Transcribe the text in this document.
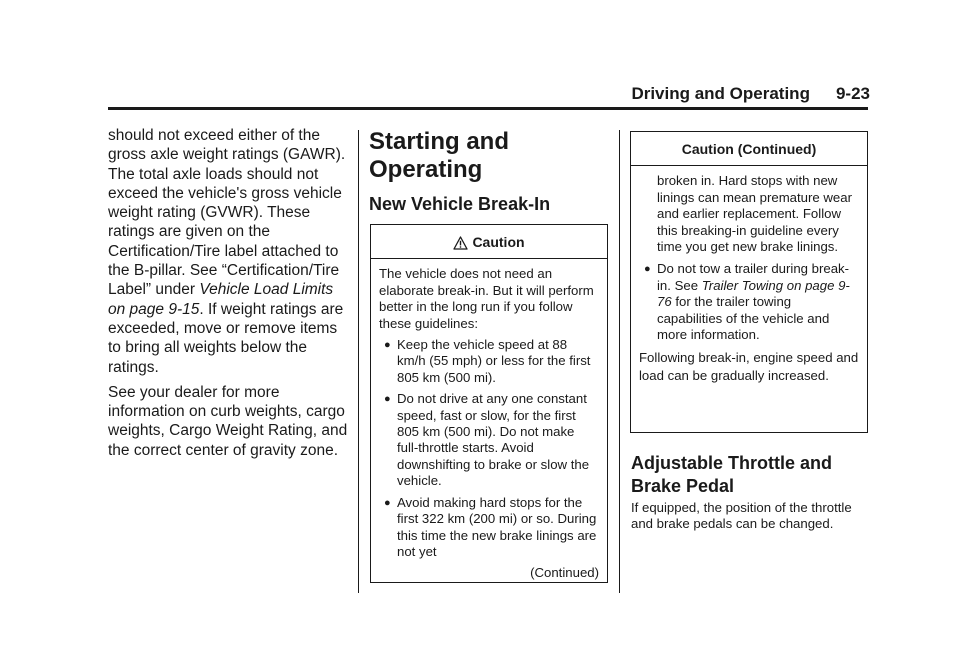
Driving and Operating 9-23

should not exceed either of the gross axle weight ratings (GAWR). The total axle loads should not exceed the vehicle's gross vehicle weight rating (GVWR). These ratings are given on the Certification/Tire label attached to the B-pillar. See “Certification/Tire Label” under Vehicle Load Limits on page 9-15. If weight ratings are exceeded, move or remove items to bring all weights below the ratings.

See your dealer for more information on curb weights, cargo weights, Cargo Weight Rating, and the correct center of gravity zone.

Starting and Operating
New Vehicle Break-In
Caution

The vehicle does not need an elaborate break-in. But it will perform better in the long run if you follow these guidelines:

● Keep the vehicle speed at 88 km/h (55 mph) or less for the first 805 km (500 mi).
● Do not drive at any one constant speed, fast or slow, for the first 805 km (500 mi). Do not make full-throttle starts. Avoid downshifting to brake or slow the vehicle.
● Avoid making hard stops for the first 322 km (200 mi) or so. During this time the new brake linings are not yet
(Continued)
Caution (Continued)
broken in. Hard stops with new linings can mean premature wear and earlier replacement. Follow this breaking-in guideline every time you get new brake linings.
● Do not tow a trailer during break-in. See Trailer Towing on page 9-76 for the trailer towing capabilities of the vehicle and more information.

Following break-in, engine speed and load can be gradually increased.

Adjustable Throttle and Brake Pedal
If equipped, the position of the throttle and brake pedals can be changed.
